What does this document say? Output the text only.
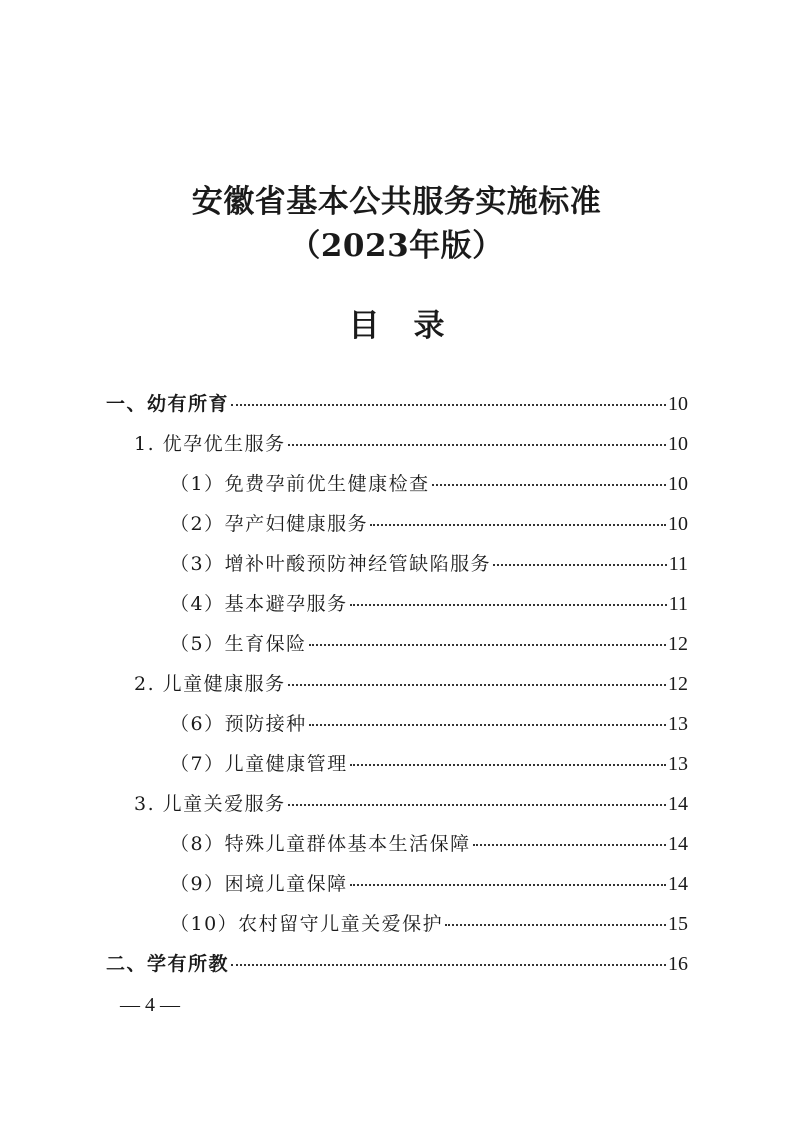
安徽省基本公共服务实施标准
（2023年版）
目录
一、幼有所育	10
1. 优孕优生服务	10
（1）免费孕前优生健康检查	10
（2）孕产妇健康服务	10
（3）增补叶酸预防神经管缺陷服务	11
（4）基本避孕服务	11
（5）生育保险	12
2. 儿童健康服务	12
（6）预防接种	13
（7）儿童健康管理	13
3. 儿童关爱服务	14
（8）特殊儿童群体基本生活保障	14
（9）困境儿童保障	14
（10）农村留守儿童关爱保护	15
二、学有所教	16
— 4 —
